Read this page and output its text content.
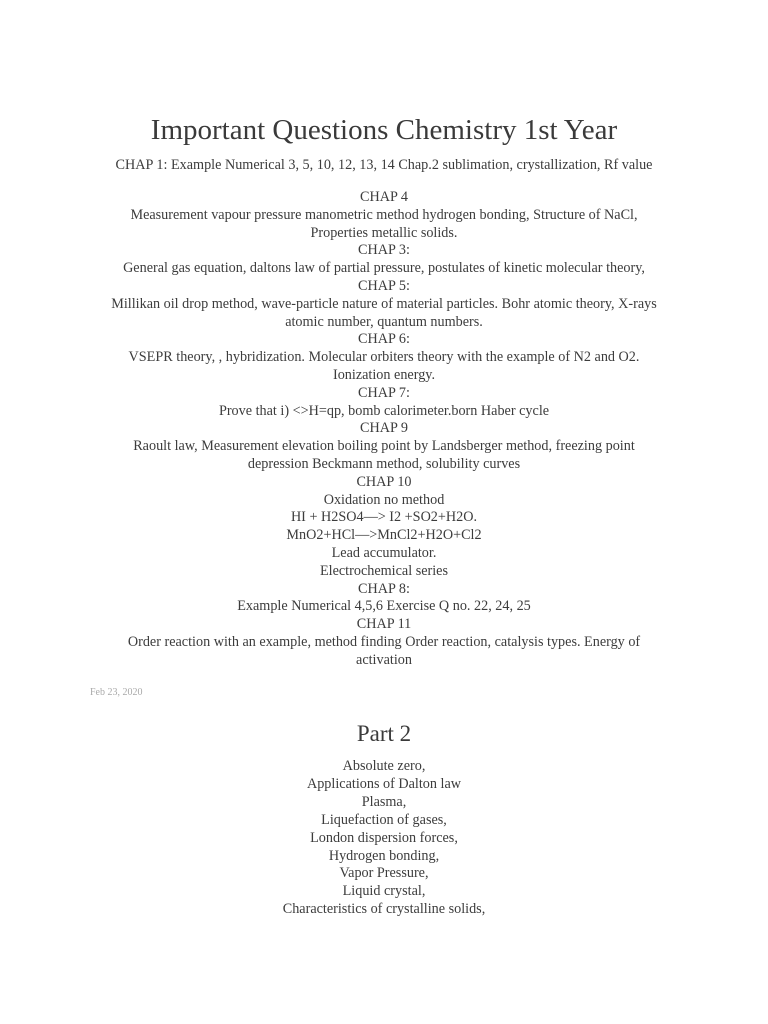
Important Questions Chemistry 1st Year

CHAP 1: Example Numerical 3, 5, 10, 12, 13, 14 Chap.2 sublimation, crystallization, Rf value

CHAP 4

Measurement vapour pressure manometric method hydrogen bonding, Structure of NaCl,

Properties metallic solids.

CHAP 3:

General gas equation, daltons law of partial pressure, postulates of kinetic molecular theory,

CHAP 5:

Millikan oil drop method, wave-particle nature of material particles. Bohr atomic theory, X-rays

atomic number, quantum numbers.

CHAP 6:

VSEPR theory, , hybridization. Molecular orbiters theory with the example of N2 and O2.

Ionization energy.

CHAP 7:

Prove that i) <>H=qp, bomb calorimeter.born Haber cycle

CHAP 9

Raoult law, Measurement elevation boiling point by Landsberger method, freezing point

depression Beckmann method, solubility curves

CHAP 10

Oxidation no method

HI + H2SO4—> I2 +SO2+H2O.

MnO2+HCl—>MnCl2+H2O+Cl2

Lead accumulator.

Electrochemical series

CHAP 8:

Example Numerical 4,5,6 Exercise Q no. 22, 24, 25

CHAP 11

Order reaction with an example, method finding Order reaction, catalysis types. Energy of

activation

Feb 23, 2020
Part 2
Absolute zero,
Applications of Dalton law
Plasma,
Liquefaction of gases,
London dispersion forces,
Hydrogen bonding,
Vapor Pressure,
Liquid crystal,
Characteristics of crystalline solids,
